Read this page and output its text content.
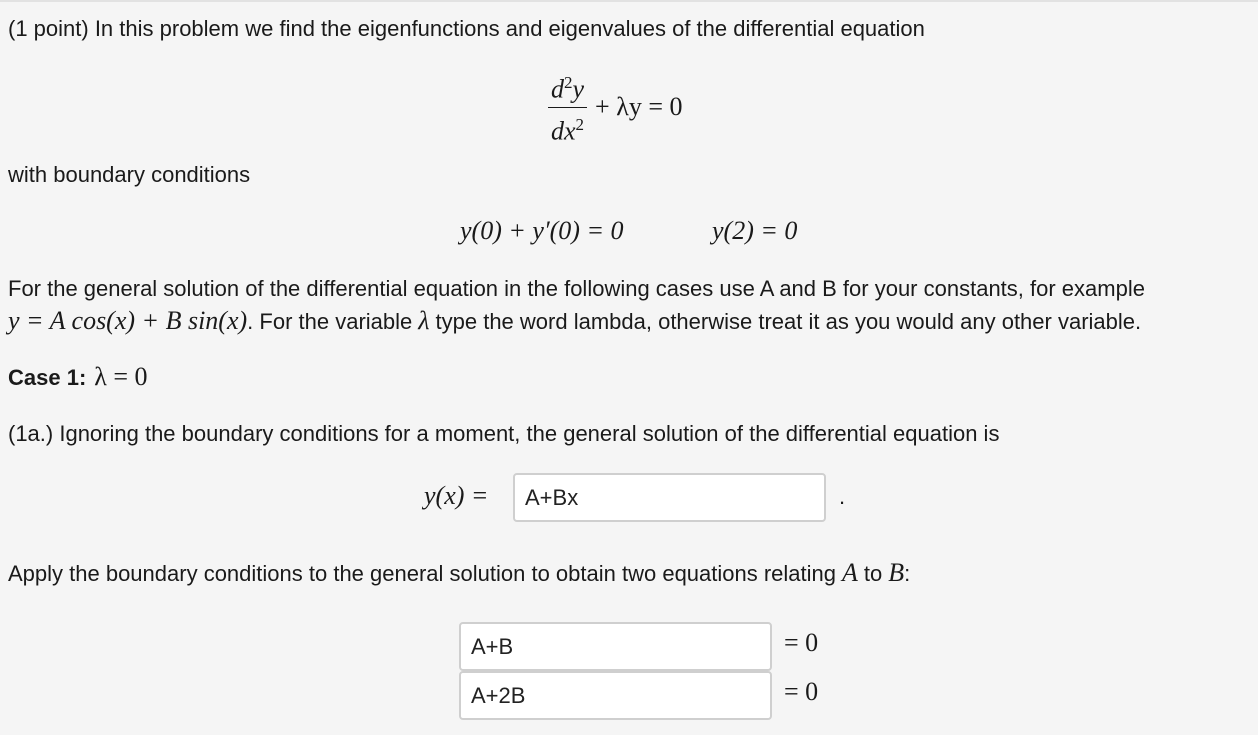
(1 point) In this problem we find the eigenfunctions and eigenvalues of the differential equation
$\frac{d^2y}{dx^2} + \lambda y = 0$
with boundary conditions
y(0) + y′(0) = 0	y(2) = 0
For the general solution of the differential equation in the following cases use A and B for your constants, for example
y = A cos(x) + B sin(x) . For the variable λ type the word lambda, otherwise treat it as you would any other variable.
Case 1: λ = 0
(1a.) Ignoring the boundary conditions for a moment, the general solution of the differential equation is
y(x) =	A+Bx	.
Apply the boundary conditions to the general solution to obtain two equations relating A to B :
A+B	= 0
A+2B	= 0
